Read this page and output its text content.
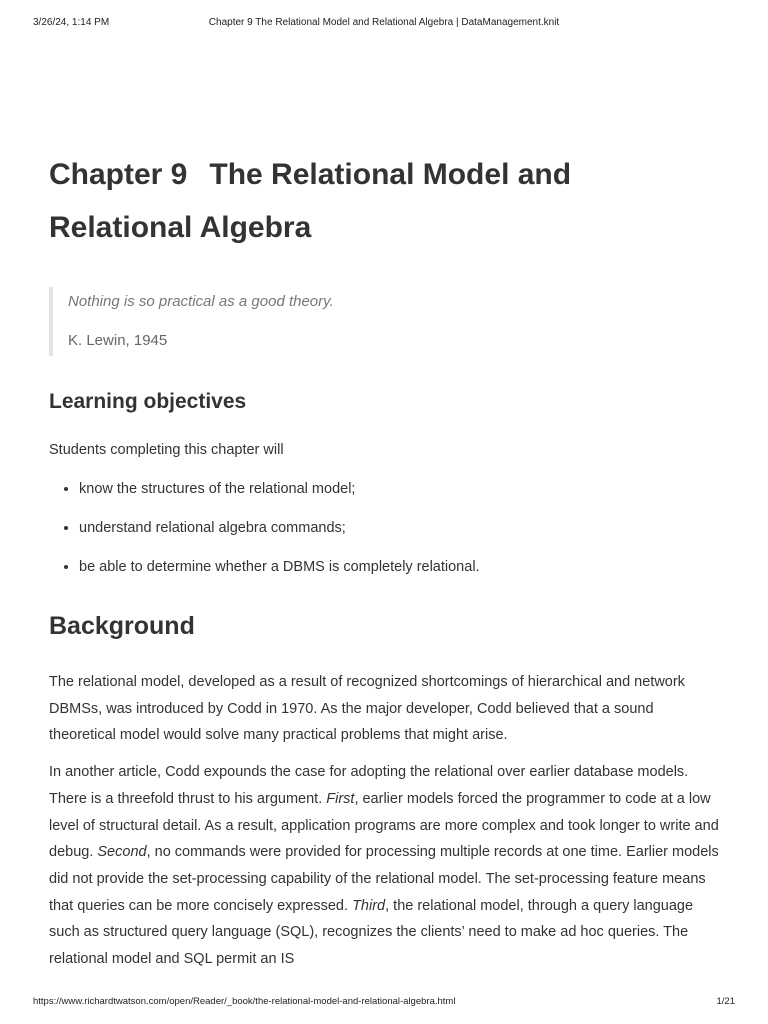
3/26/24, 1:14 PM	Chapter 9 The Relational Model and Relational Algebra | DataManagement.knit
Chapter 9 The Relational Model and
Relational Algebra

Nothing is so practical as a good theory.

K. Lewin, 1945

Learning objectives

Students completing this chapter will

• know the structures of the relational model;
• understand relational algebra commands;
• be able to determine whether a DBMS is completely relational.
Background

The relational model, developed as a result of recognized shortcomings of hierarchical and network DBMSs, was introduced by Codd in 1970. As the major developer, Codd believed that a sound theoretical model would solve many practical problems that might arise.

In another article, Codd expounds the case for adopting the relational over earlier database models. There is a threefold thrust to his argument. First, earlier models forced the programmer to code at a low level of structural detail. As a result, application programs are more complex and took longer to write and debug. Second, no commands were provided for processing multiple records at one time. Earlier models did not provide the set-processing capability of the relational model. The set-processing feature means that queries can be more concisely expressed. Third, the relational model, through a query language such as structured query language (SQL), recognizes the clients’ need to make ad hoc queries. The relational model and SQL permit an IS

https://www.richardtwatson.com/open/Reader/_book/the-relational-model-and-relational-algebra.html	1/21
